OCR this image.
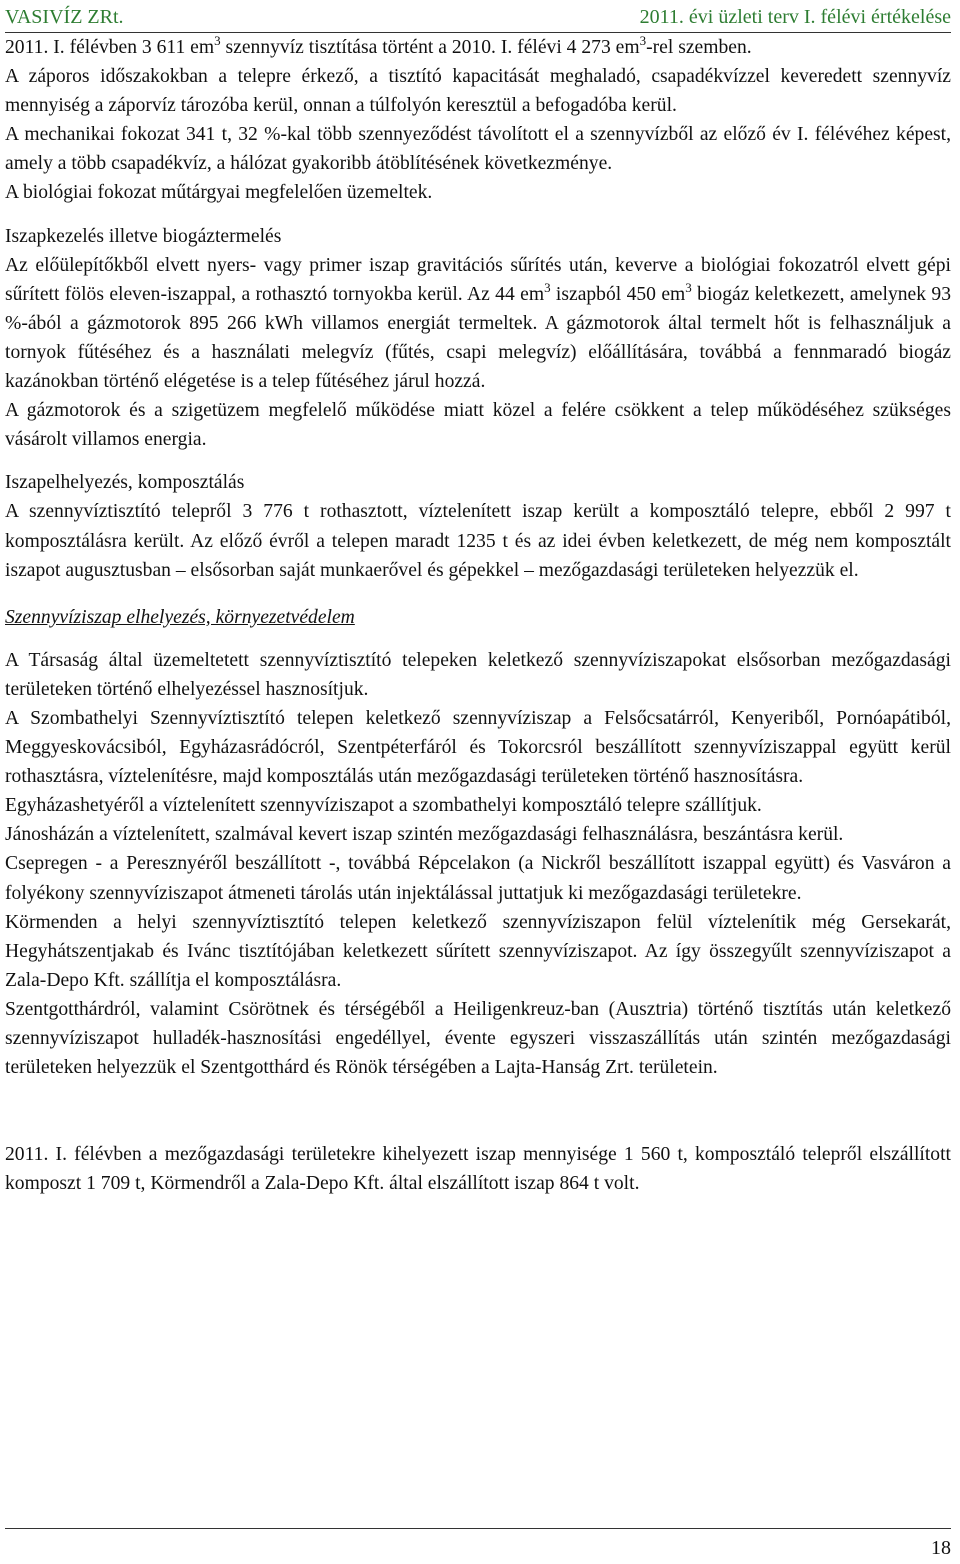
VASIVÍZ ZRt.	2011. évi üzleti terv I. félévi értékelése
2011. I. félévben 3 611 $em^3$ szennyvíz tisztítása történt a 2010. I. félévi 4 273 $em^3$-rel szemben.
A záporos időszakokban a telepre érkező, a tisztító kapacitását meghaladó, csapadékvízzel keveredett szennyvíz mennyiség a záporvíz tározóba kerül, onnan a túlfolyón keresztül a befogadóba kerül.
A mechanikai fokozat 341 t, 32 %-kal több szennyeződést távolított el a szennyvízből az előző év I. félévéhez képest, amely a több csapadékvíz, a hálózat gyakoribb átöblítésének következménye.
A biológiai fokozat műtárgyai megfelelően üzemeltek.
Iszapkezelés illetve biogáztermelés
Az előülepítőkből elvett nyers- vagy primer iszap gravitációs sűrítés után, keverve a biológiai fokozatról elvett gépi sűrített fölös eleven-iszappal, a rothasztó tornyokba kerül. Az 44 $em^3$ iszapból 450 $em^3$ biogáz keletkezett, amelynek 93 %-ából a gázmotorok 895 266 kWh villamos energiát termeltek. A gázmotorok által termelt hőt is felhasználjuk a tornyok fűtéséhez és a használati melegvíz (fűtés, csapi melegvíz) előállítására, továbbá a fennmaradó biogáz kazánokban történő elégetése is a telep fűtéséhez járul hozzá.
A gázmotorok és a szigetüzem megfelelő működése miatt közel a felére csökkent a telep működéséhez szükséges vásárolt villamos energia.
Iszapelhelyezés, komposztálás
A szennyvíztisztító telepről 3 776 t rothasztott, víztelenített iszap került a komposztáló telepre, ebből 2 997 t komposztálásra került. Az előző évről a telepen maradt 1235 t és az idei évben keletkezett, de még nem komposztált iszapot augusztusban – elsősorban saját munkaerővel és gépekkel – mezőgazdasági területeken helyezzük el.
Szennyvíziszap elhelyezés, környezetvédelem
A Társaság által üzemeltetett szennyvíztisztító telepeken keletkező szennyvíziszapokat elsősorban mezőgazdasági területeken történő elhelyezéssel hasznosítjuk.
A Szombathelyi Szennyvíztisztító telepen keletkező szennyvíziszap a Felsőcsatárról, Kenyeriből, Pornóapátiból, Meggyeskovácsiból, Egyházasrádócról, Szentpéterfáról és Tokorcsról beszállított szennyvíziszappal együtt kerül rothasztásra, víztelenítésre, majd komposztálás után mezőgazdasági területeken történő hasznosításra.
Egyházashetyéről a víztelenített szennyvíziszapot a szombathelyi komposztáló telepre szállítjuk.
Jánosházán a víztelenített, szalmával kevert iszap szintén mezőgazdasági felhasználásra, beszántásra kerül.
Csepregen - a Peresznyéről beszállított -, továbbá Répcelakon (a Nickről beszállított iszappal együtt) és Vasváron a folyékony szennyvíziszapot átmeneti tárolás után injektálással juttatjuk ki mezőgazdasági területekre.
Körmenden a helyi szennyvíztisztító telepen keletkező szennyvíziszapon felül víztelenítik még Gersekarát, Hegyhátszentjakab és Ivánc tisztítójában keletkezett sűrített szennyvíziszapot. Az így összegyűlt szennyvíziszapot a Zala-Depo Kft. szállítja el komposztálásra.
Szentgotthárdról, valamint Csörötnek és térségéből a Heiligenkreuz-ban (Ausztria) történő tisztítás után keletkező szennyvíziszapot hulladék-hasznosítási engedéllyel, évente egyszeri visszaszállítás után szintén mezőgazdasági területeken helyezzük el Szentgotthárd és Rönök térségében a Lajta-Hanság Zrt. területein.
2011. I. félévben a mezőgazdasági területekre kihelyezett iszap mennyisége 1 560 t, komposztáló telepről elszállított komposzt 1 709 t, Körmendről a Zala-Depo Kft. által elszállított iszap 864 t volt.
18
